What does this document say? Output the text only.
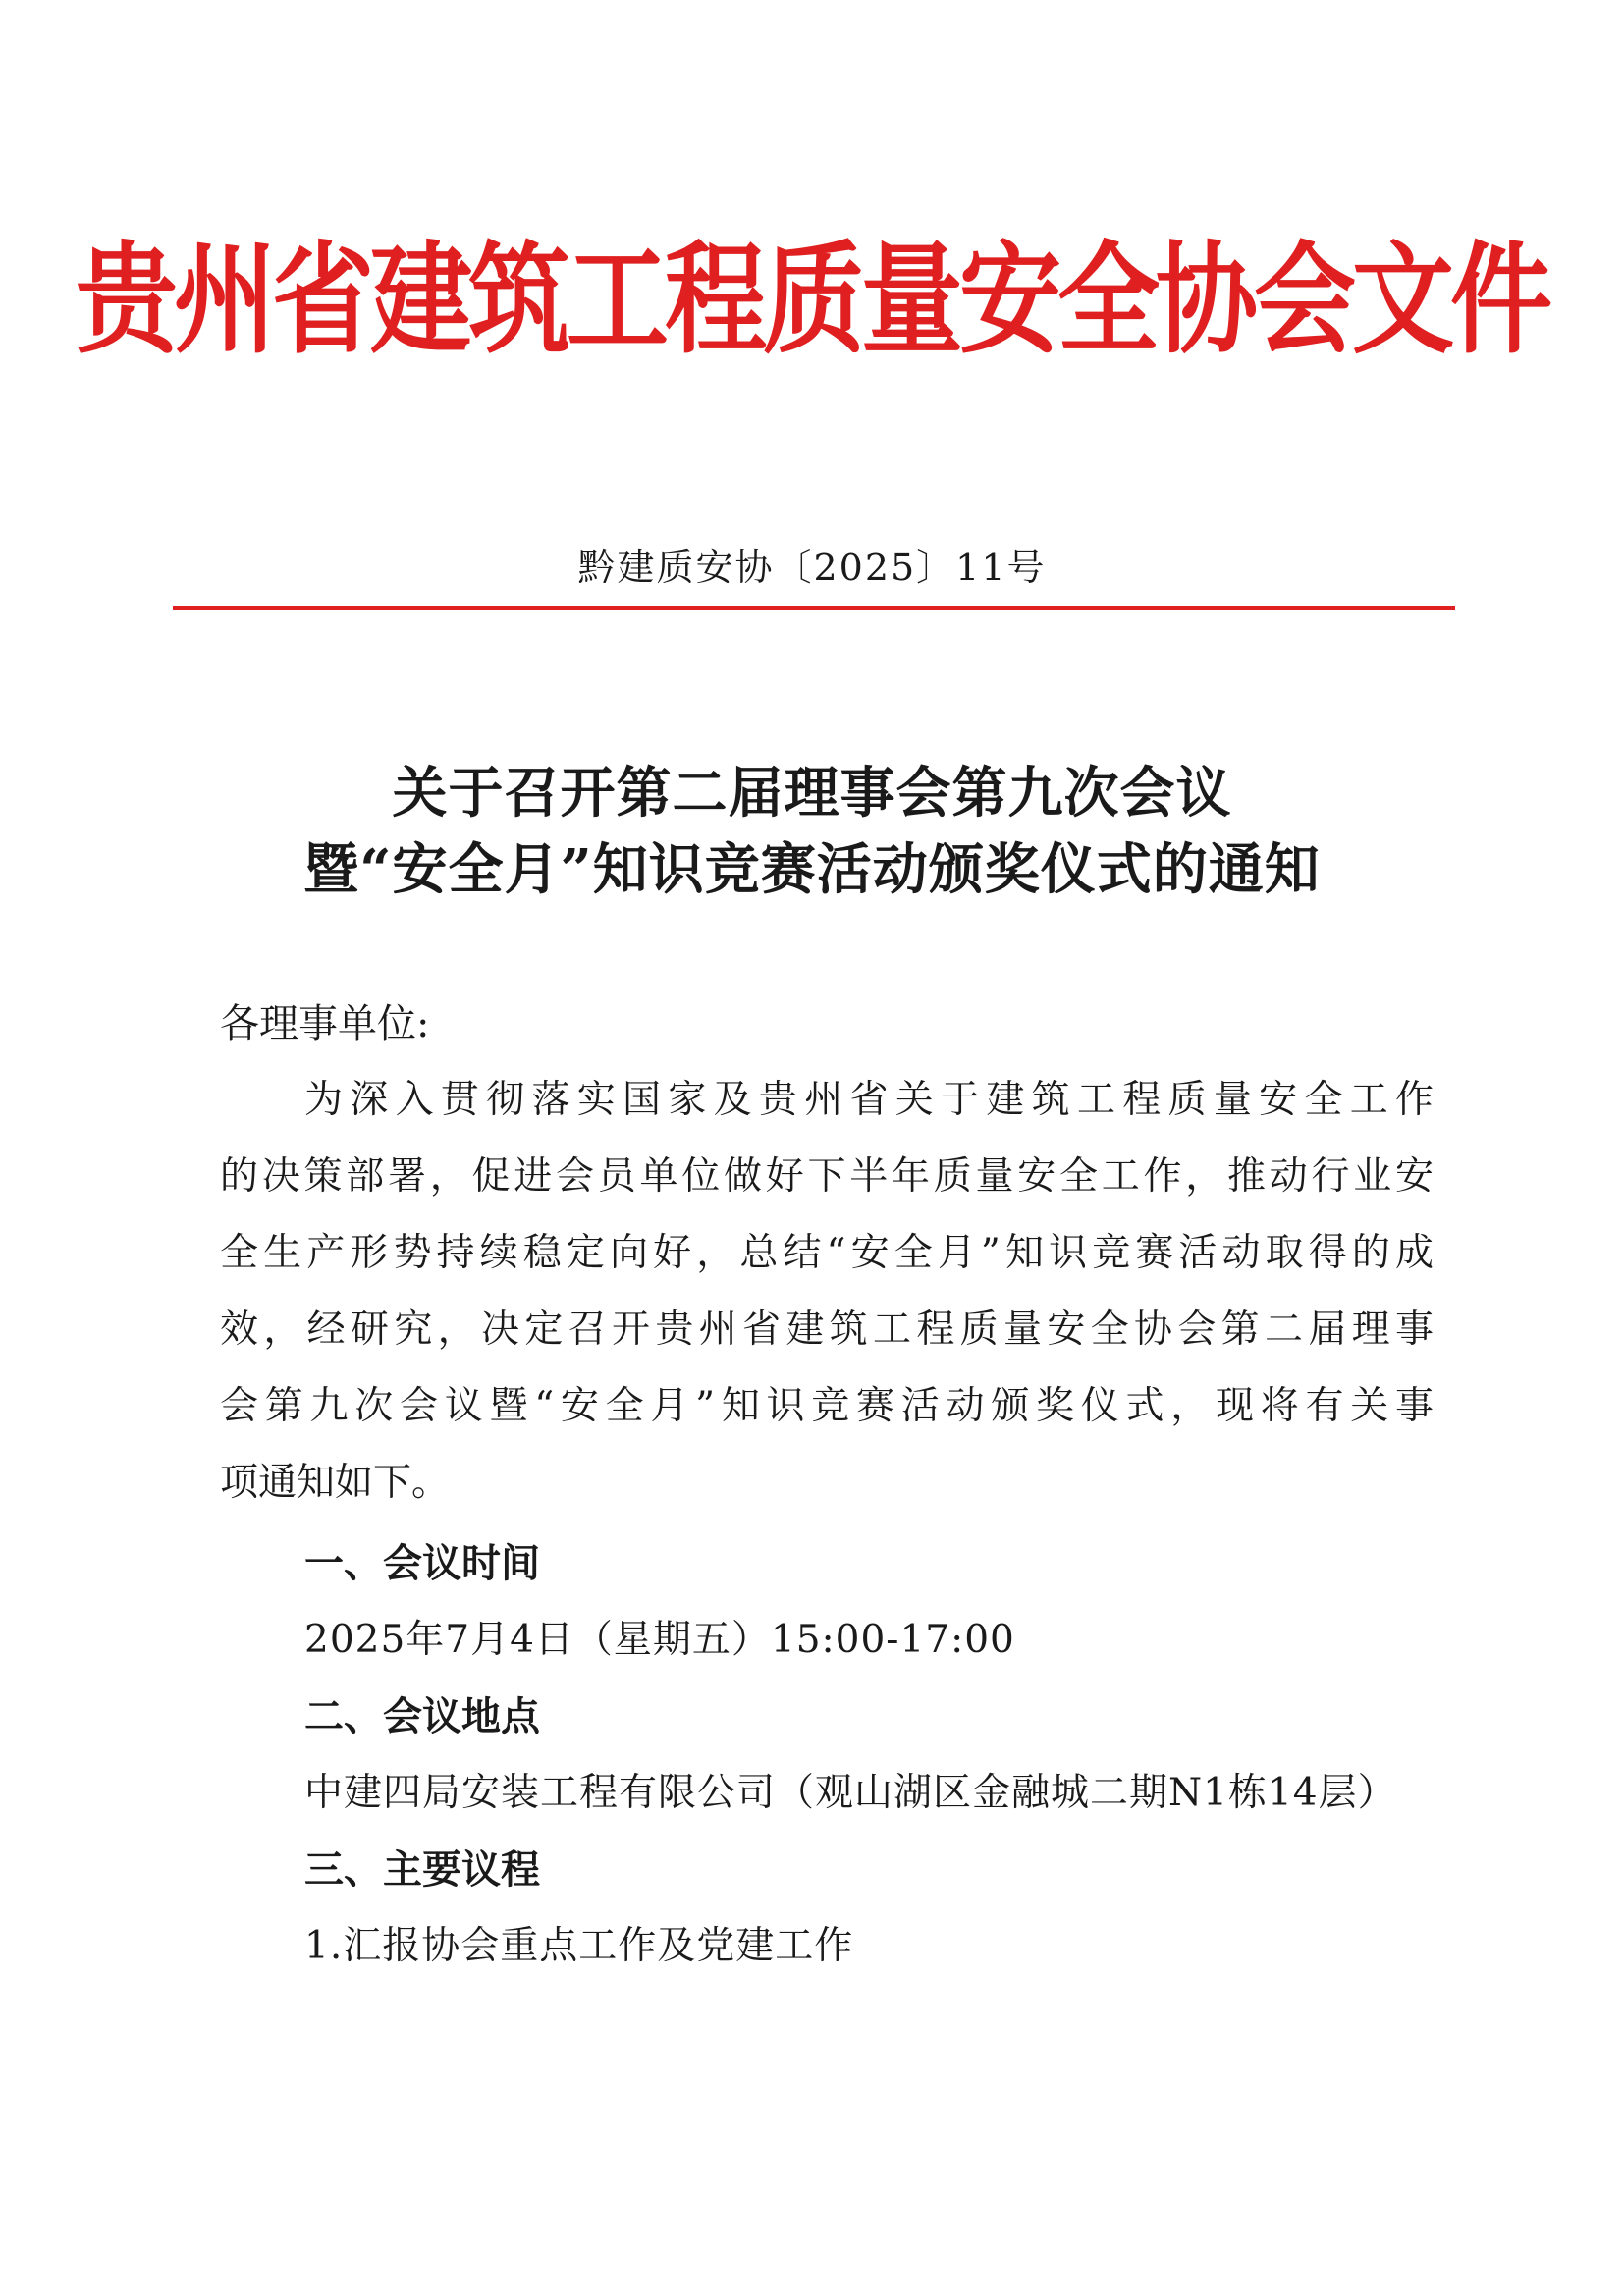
贵州省建筑工程质量安全协会文件
黔建质安协〔2025〕11号
关于召开第二届理事会第九次会议
暨“安全月”知识竞赛活动颁奖仪式的通知
各理事单位:
为深入贯彻落实国家及贵州省关于建筑工程质量安全工作
的决策部署，促进会员单位做好下半年质量安全工作，推动行业安
全生产形势持续稳定向好，总结“安全月”知识竞赛活动取得的成
效，经研究，决定召开贵州省建筑工程质量安全协会第二届理事
会第九次会议暨“安全月”知识竞赛活动颁奖仪式，现将有关事
项通知如下。
一、会议时间
2025年7月4日（星期五）15:00-17:00
二、会议地点
中建四局安装工程有限公司（观山湖区金融城二期N1栋14层）
三、主要议程
1.汇报协会重点工作及党建工作
